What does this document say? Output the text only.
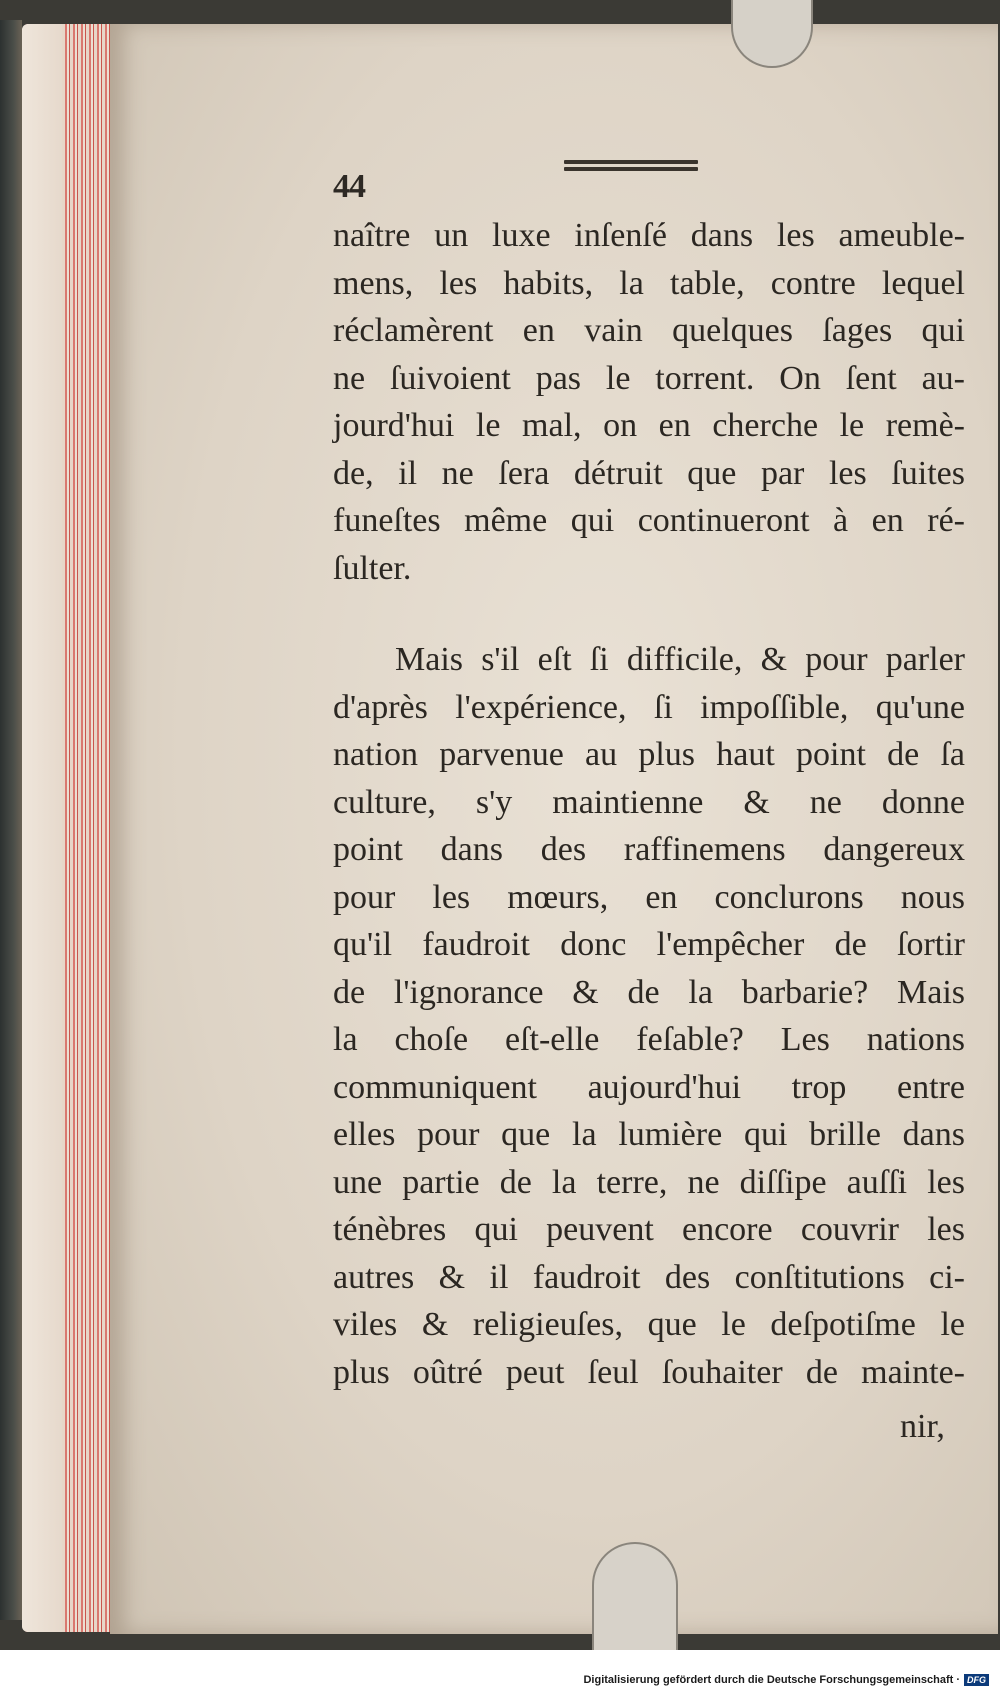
44
naître un luxe inſenſé dans les ameuble-
mens, les habits, la table, contre lequel
réclamèrent en vain quelques ſages qui
ne ſuivoient pas le torrent. On ſent au-
jourd'hui le mal, on en cherche le remè-
de, il ne ſera détruit que par les ſuites
funeſtes même qui continueront à en ré-
ſulter.
Mais s'il eſt ſi difficile, & pour parler
d'après l'expérience, ſi impoſſible, qu'une
nation parvenue au plus haut point de ſa
culture, s'y maintienne & ne donne
point dans des raffinemens dangereux
pour les mœurs, en conclurons nous
qu'il faudroit donc l'empêcher de ſortir
de l'ignorance & de la barbarie? Mais
la choſe eſt-elle feſable? Les nations
communiquent aujourd'hui trop entre
elles pour que la lumière qui brille dans
une partie de la terre, ne diſſipe auſſi les
ténèbres qui peuvent encore couvrir les
autres & il faudroit des conſtitutions ci-
viles & religieuſes, que le deſpotiſme le
plus oûtré peut ſeul ſouhaiter de mainte-
nir,
Digitalisierung gefördert durch die Deutsche Forschungsgemeinschaft · DFG
